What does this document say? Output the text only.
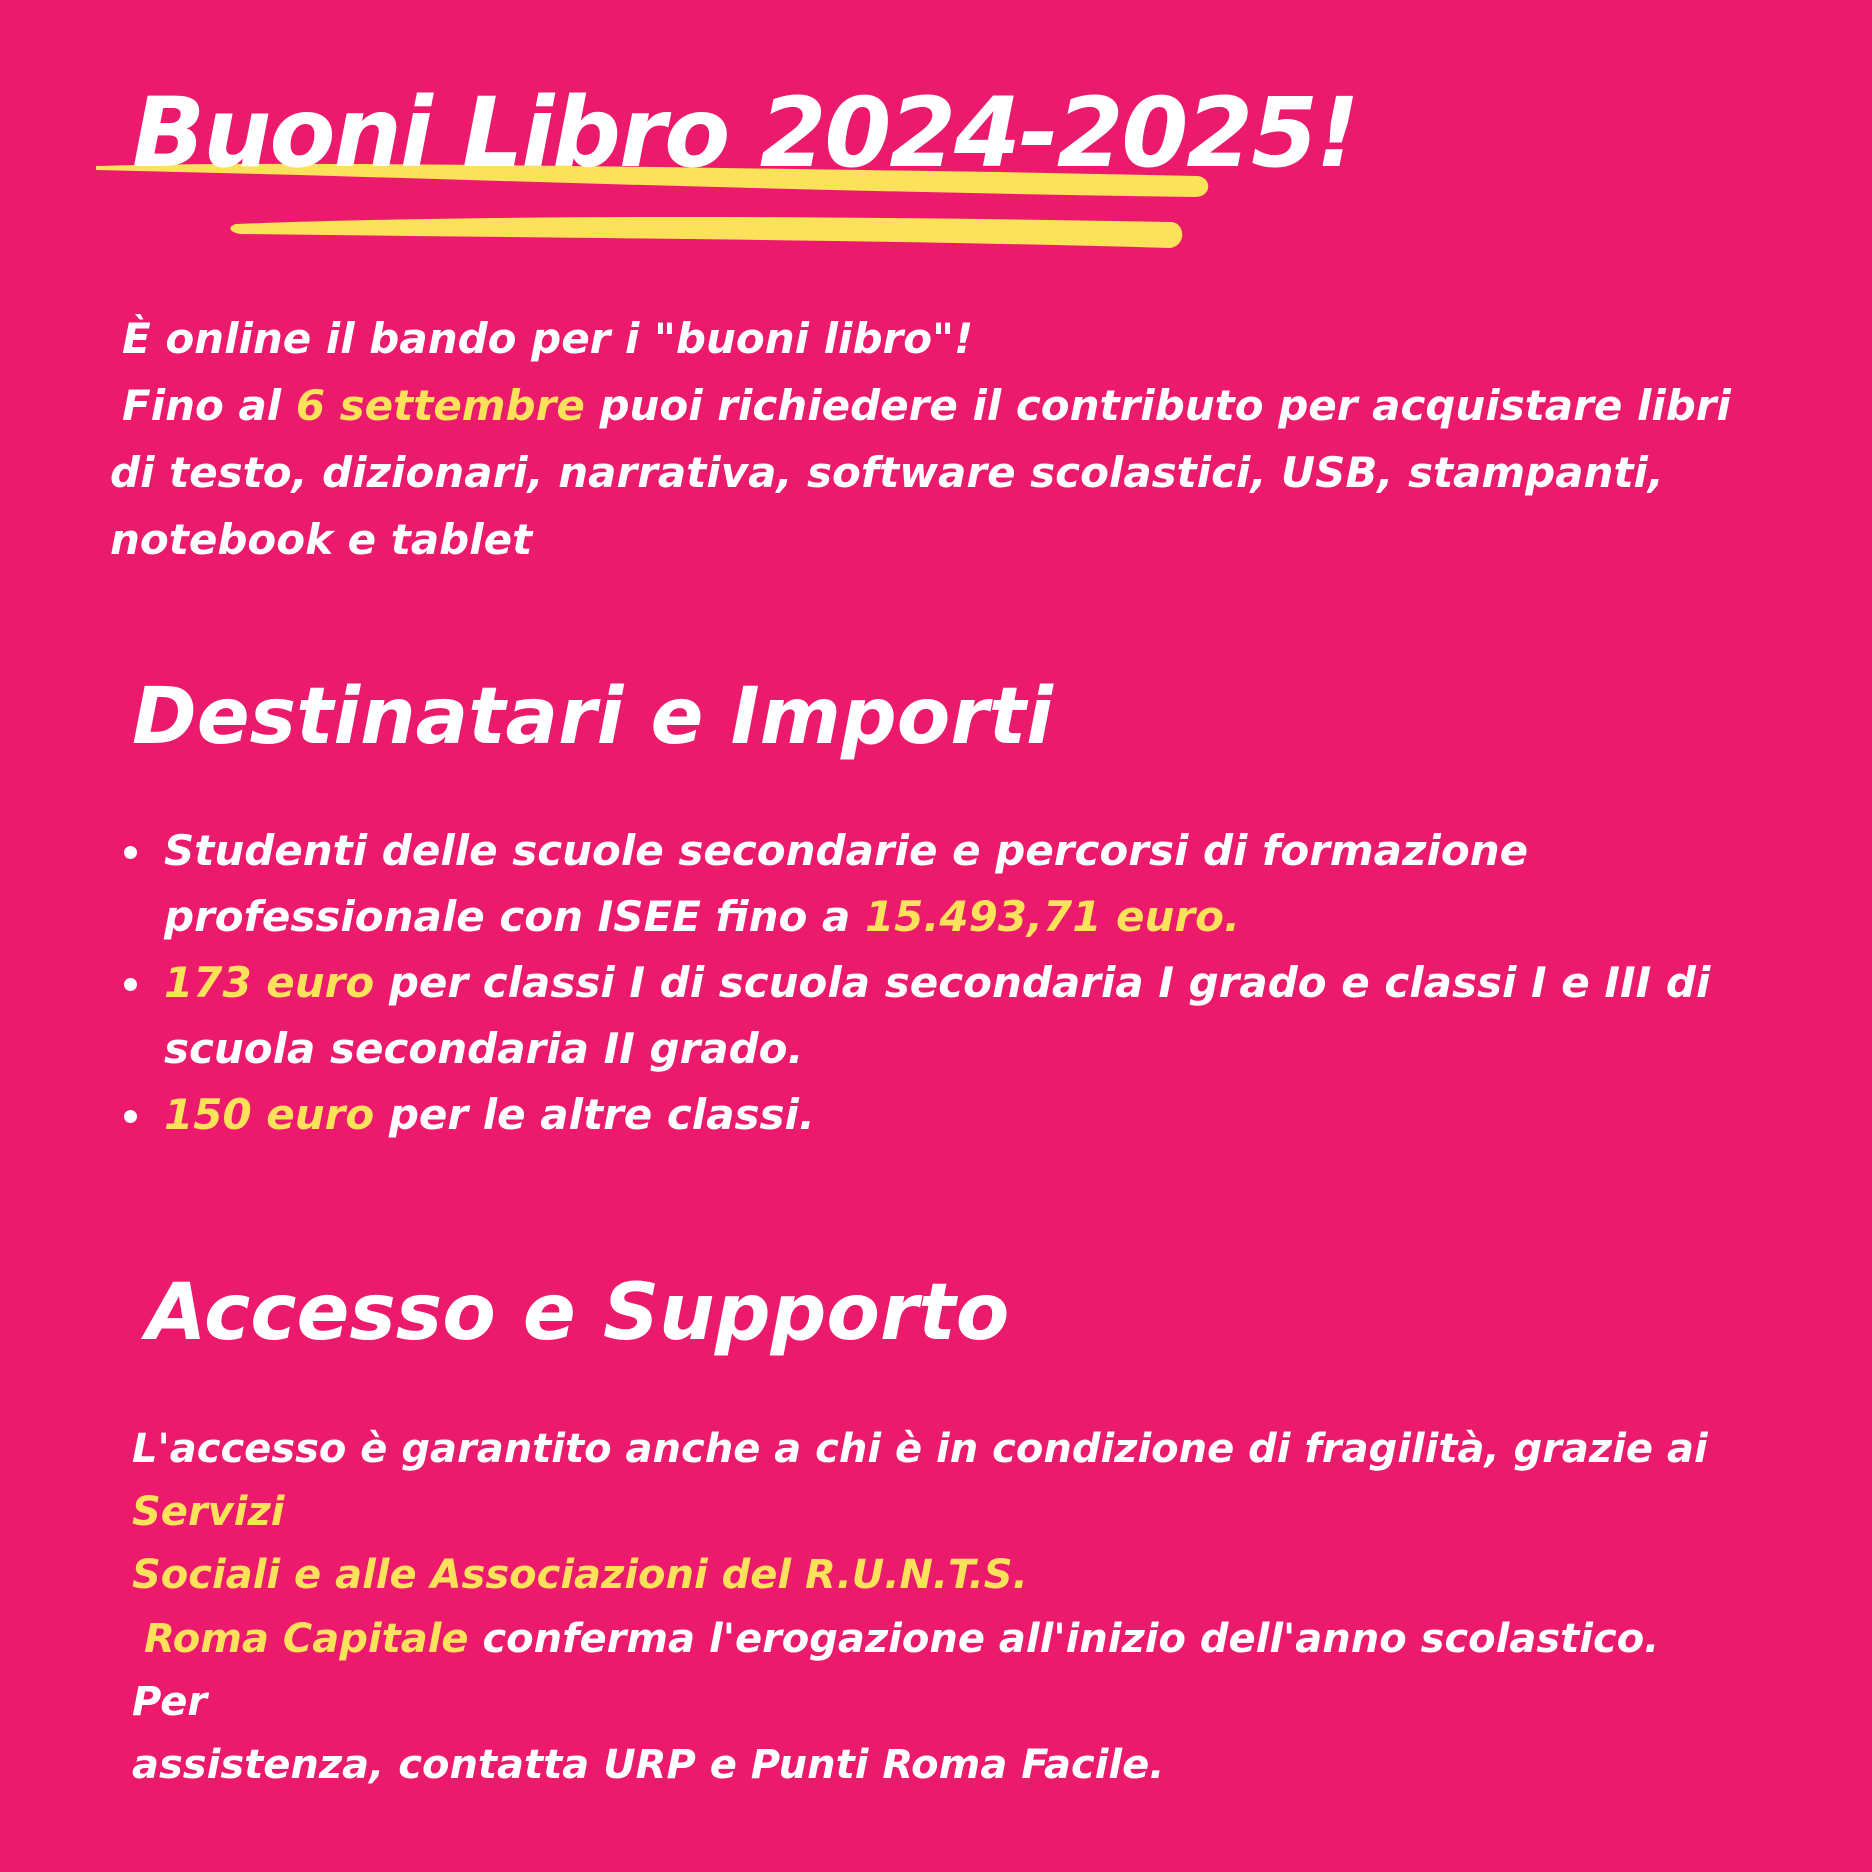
Buoni Libro 2024-2025!

È online il bando per i "buoni libro"!

Fino al 6 settembre puoi richiedere il contributo per acquistare libri

di testo, dizionari, narrativa, software scolastici, USB, stampanti,

notebook e tablet

Destinatari e Importi
Studenti delle scuole secondarie e percorsi di formazione
professionale con ISEE fino a 15.493,71 euro.
173 euro per classi I di scuola secondaria I grado e classi I e III di
scuola secondaria II grado.
150 euro per le altre classi.
Accesso e Supporto

L'accesso è garantito anche a chi è in condizione di fragilità, grazie ai Servizi
Sociali e alle Associazioni del R.U.N.T.S.

Roma Capitale conferma l'erogazione all'inizio dell'anno scolastico. Per
assistenza, contatta URP e Punti Roma Facile.
